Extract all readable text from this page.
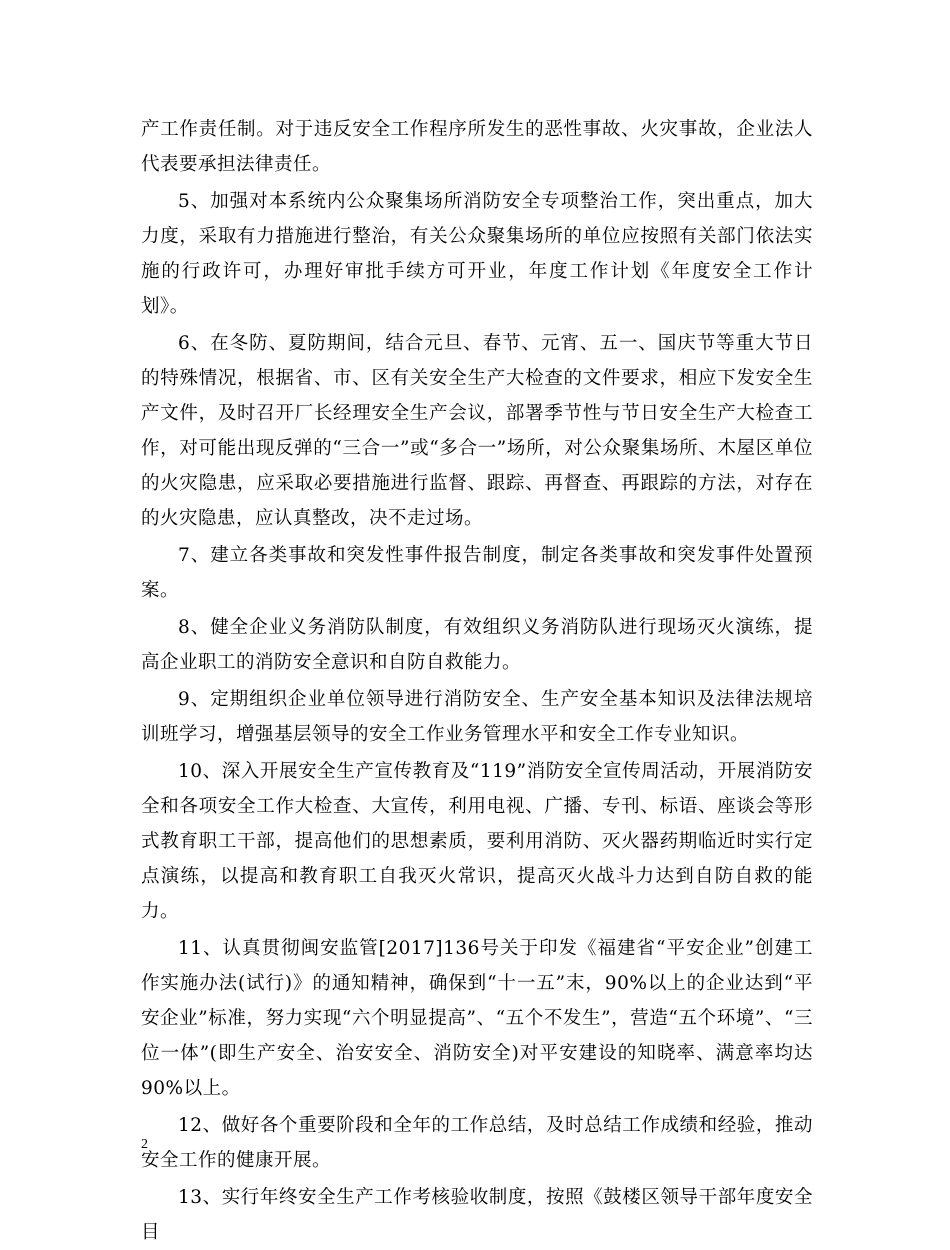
产工作责任制。对于违反安全工作程序所发生的恶性事故、火灾事故，企业法人代表要承担法律责任。

5、加强对本系统内公众聚集场所消防安全专项整治工作，突出重点，加大力度，采取有力措施进行整治，有关公众聚集场所的单位应按照有关部门依法实施的行政许可，办理好审批手续方可开业，年度工作计划《年度安全工作计划》。

6、在冬防、夏防期间，结合元旦、春节、元宵、五一、国庆节等重大节日的特殊情况，根据省、市、区有关安全生产大检查的文件要求，相应下发安全生产文件，及时召开厂长经理安全生产会议，部署季节性与节日安全生产大检查工作，对可能出现反弹的“三合一”或“多合一”场所，对公众聚集场所、木屋区单位的火灾隐患，应采取必要措施进行监督、跟踪、再督查、再跟踪的方法，对存在的火灾隐患，应认真整改，决不走过场。

7、建立各类事故和突发性事件报告制度，制定各类事故和突发事件处置预案。

8、健全企业义务消防队制度，有效组织义务消防队进行现场灭火演练，提高企业职工的消防安全意识和自防自救能力。

9、定期组织企业单位领导进行消防安全、生产安全基本知识及法律法规培训班学习，增强基层领导的安全工作业务管理水平和安全工作专业知识。

10、深入开展安全生产宣传教育及“119”消防安全宣传周活动，开展消防安全和各项安全工作大检查、大宣传，利用电视、广播、专刊、标语、座谈会等形式教育职工干部，提高他们的思想素质，要利用消防、灭火器药期临近时实行定点演练，以提高和教育职工自我灭火常识，提高灭火战斗力达到自防自救的能力。

11、认真贯彻闽安监管[2017]136号关于印发《福建省“平安企业”创建工作实施办法(试行)》的通知精神，确保到“十一五”末，90%以上的企业达到“平安企业”标准，努力实现“六个明显提高”、“五个不发生”，营造“五个环境”、“三位一体”(即生产安全、治安安全、消防安全)对平安建设的知晓率、满意率均达90%以上。

12、做好各个重要阶段和全年的工作总结，及时总结工作成绩和经验，推动安全工作的健康开展。

13、实行年终安全生产工作考核验收制度，按照《鼓楼区领导干部年度安全目

2
